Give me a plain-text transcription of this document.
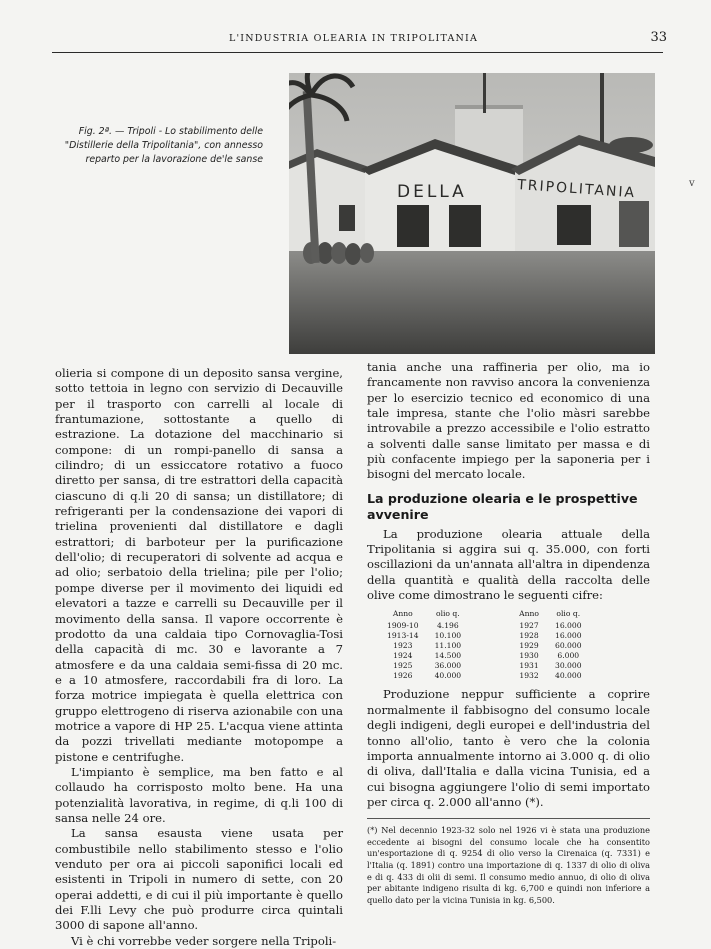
L'INDUSTRIA OLEARIA IN TRIPOLITANIA	33
Fig. 2ª. — Tripoli - Lo stabilimento delle "Distillerie della Tripolitania", con annesso reparto per la lavorazione de'le sanse
DELLA	TRIPOLITANIA	v

olieria si compone di un deposito sansa vergine, sotto tettoia in legno con servizio di Decauville per il trasporto con carrelli al locale di frantumazione, sottostante a quello di estrazione. La dotazione del macchinario si compone: di un rompi-panello di sansa a cilindro; di un essiccatore rotativo a fuoco diretto per sansa, di tre estrattori della capacità ciascuno di q.li 20 di sansa; un distillatore; di refrigeranti per la condensazione dei vapori di trielina provenienti dal distillatore e dagli estrattori; di barboteur per la purificazione dell'olio; di recuperatori di solvente ad acqua e ad olio; serbatoio della trielina; pile per l'olio; pompe diverse per il movimento dei liquidi ed elevatori a tazze e carrelli su Decauville per il movimento della sansa. Il vapore occorrente è prodotto da una caldaia tipo Cornovaglia-Tosi della capacità di mc. 30 e lavorante a 7 atmosfere e da una caldaia semi-fissa di 20 mc. e a 10 atmosfere, raccordabili fra di loro. La forza motrice impiegata è quella elettrica con gruppo elettrogeno di riserva azionabile con una motrice a vapore di HP 25. L'acqua viene attinta da pozzi trivellati mediante motopompe a pistone e centrifughe.

L'impianto è semplice, ma ben fatto e al collaudo ha corrisposto molto bene. Ha una potenzialità lavorativa, in regime, di q.li 100 di sansa nelle 24 ore.

La sansa esausta viene usata per combustibile nello stabilimento stesso e l'olio venduto per ora ai piccoli saponifici locali ed esistenti in Tripoli in numero di sette, con 20 operai addetti, e di cui il più importante è quello dei F.lli Levy che può produrre circa quintali 3000 di sapone all'anno.

Vi è chi vorrebbe veder sorgere nella Tripoli-

tania anche una raffineria per olio, ma io francamente non ravviso ancora la convenienza per lo esercizio tecnico ed economico di una tale impresa, stante che l'olio màsri sarebbe introvabile a prezzo accessibile e l'olio estratto a solventi dalle sanse limitato per massa e di più confacente impiego per la saponeria per i bisogni del mercato locale.

La produzione olearia e le prospettive avvenire

La produzione olearia attuale della Tripolitania si aggira sui q. 35.000, con forti oscillazioni da un'annata all'altra in dipendenza della quantità e qualità della raccolta delle olive come dimostrano le seguenti cifre:

Anno	olio q.		Anno	olio q.
1909-10	4.196		1927	16.000
1913-14	10.100		1928	16.000
1923	11.100		1929	60.000
1924	14.500		1930	6.000
1925	36.000		1931	30.000
1926	40.000		1932	40.000

Produzione neppur sufficiente a coprire normalmente il fabbisogno del consumo locale degli indigeni, degli europei e dell'industria del tonno all'olio, tanto è vero che la colonia importa annualmente intorno ai 3.000 q. di olio di oliva, dall'Italia e dalla vicina Tunisia, ed a cui bisogna aggiungere l'olio di semi importato per circa q. 2.000 all'anno (*).

(*) Nel decennio 1923-32 solo nel 1926 vi è stata una produzione eccedente ai bisogni del consumo locale che ha consentito un'esportazione di q. 9254 di olio verso la Cirenaica (q. 7331) e l'Italia (q. 1891) contro una importazione di q. 1337 di olio di oliva e di q. 433 di olii di semi. Il consumo medio annuo, di olio di oliva per abitante indigeno risulta di kg. 6,700 e quindi non inferiore a quello dato per la vicina Tunisia in kg. 6,500.
